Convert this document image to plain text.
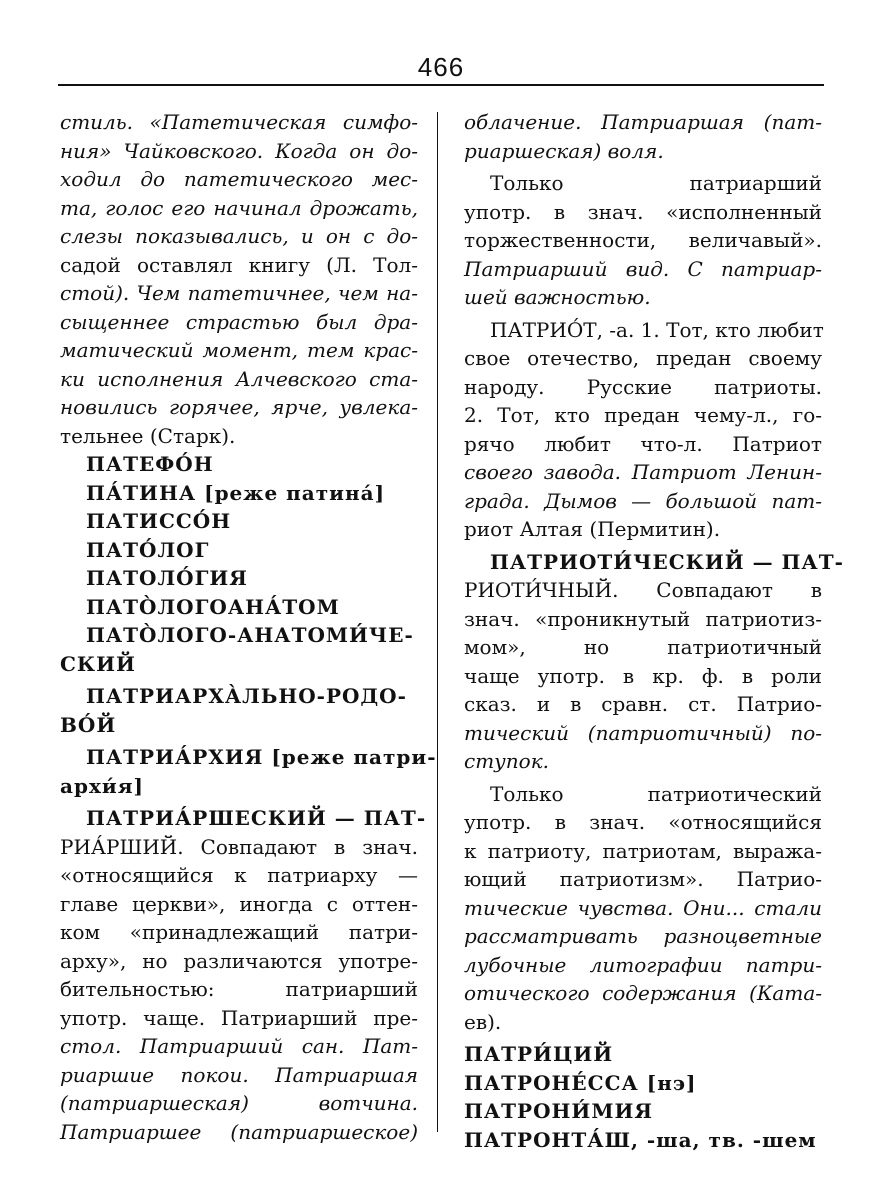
466
стиль. «Патетическая симфо-
ния» Чайковского. Когда он до-
ходил до патетического мес-
та, голос его начинал дрожать,
слезы показывались, и он с до-
садой оставлял книгу (Л. Тол-
стой). Чем патетичнее, чем на-
сыщеннее страстью был дра-
матический момент, тем крас-
ки исполнения Алчевского ста-
новились горячее, ярче, увлека-
тельнее (Старк).
ПАТЕФО́Н
ПА́ТИНА [реже патина́]
ПАТИССО́Н
ПАТО́ЛОГ
ПАТОЛО́ГИЯ
ПАТО̀ЛОГОАНА́ТОМ
ПАТО̀ЛОГО-АНАТОМИ́ЧЕ-
СКИЙ
ПАТРИАРХА̀ЛЬНО-РОДО-
ВО́Й
ПАТРИА́РХИЯ [реже патри-
архи́я]
ПАТРИА́РШЕСКИЙ — ПАТ-
РИА́РШИЙ. Совпадают в знач.
«относящийся к патриарху —
главе церкви», иногда с оттен-
ком «принадлежащий патри-
арху», но различаются употре-
бительностью: патриарший
употр. чаще. Патриарший пре-
стол. Патриарший сан. Пат-
риаршие покои. Патриаршая
(патриаршеская) вотчина.
Патриаршее (патриаршеское)
облачение. Патриаршая (пат-
риаршеская) воля.
Только патриарший
употр. в знач. «исполненный
торжественности, величавый».
Патриарший вид. С патриар-
шей важностью.
ПАТРИО́Т, -а. 1. Тот, кто любит
свое отечество, предан своему
народу. Русские патриоты.
2. Тот, кто предан чему-л., го-
рячо любит что-л. Патриот
своего завода. Патриот Ленин-
града. Дымов — большой пат-
риот Алтая (Пермитин).
ПАТРИОТИ́ЧЕСКИЙ — ПАТ-
РИОТИ́ЧНЫЙ. Совпадают в
знач. «проникнутый патриотиз-
мом», но патриотичный
чаще употр. в кр. ф. в роли
сказ. и в сравн. ст. Патрио-
тический (патриотичный) по-
ступок.
Только патриотический
употр. в знач. «относящийся
к патриоту, патриотам, выража-
ющий патриотизм». Патрио-
тические чувства. Они... стали
рассматривать разноцветные
лубочные литографии патри-
отического содержания (Ката-
ев).
ПАТРИ́ЦИЙ
ПАТРОНЕ́ССА [нэ]
ПАТРОНИ́МИЯ
ПАТРОНТА́Ш, -ша, тв. -шем
